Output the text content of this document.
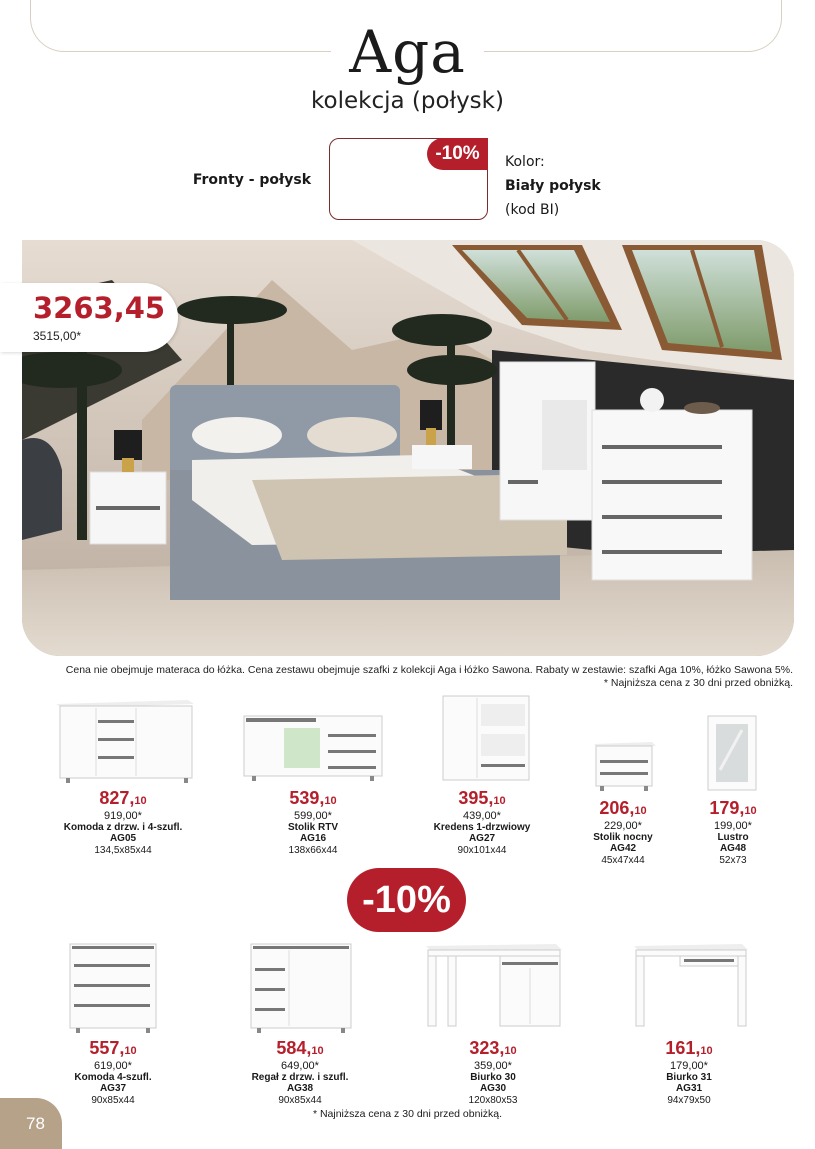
Aga
kolekcja (połysk)
Fronty - połysk
-10%	Kolor:
Biały połysk
(kod BI)
3263,45
3515,00*
Cena nie obejmuje materaca do łóżka. Cena zestawu obejmuje szafki z kolekcji Aga i łóżko Sawona. Rabaty w zestawie: szafki Aga 10%, łóżko Sawona 5%.
* Najniższa cena z 30 dni przed obniżką.
827,10
919,00*
Komoda z drzw. i 4-szufl.
AG05
134,5x85x44
539,10
599,00*
Stolik RTV
AG16
138x66x44
395,10
439,00*
Kredens 1-drzwiowy
AG27
90x101x44
206,10
229,00*
Stolik nocny
AG42
45x47x44
179,10
199,00*
Lustro
AG48
52x73
-10%
557,10
619,00*
Komoda 4-szufl.
AG37
90x85x44
584,10
649,00*
Regał z drzw. i szufl.
AG38
90x85x44
323,10
359,00*
Biurko 30
AG30
120x80x53
161,10
179,00*
Biurko 31
AG31
94x79x50
78	* Najniższa cena z 30 dni przed obniżką.
